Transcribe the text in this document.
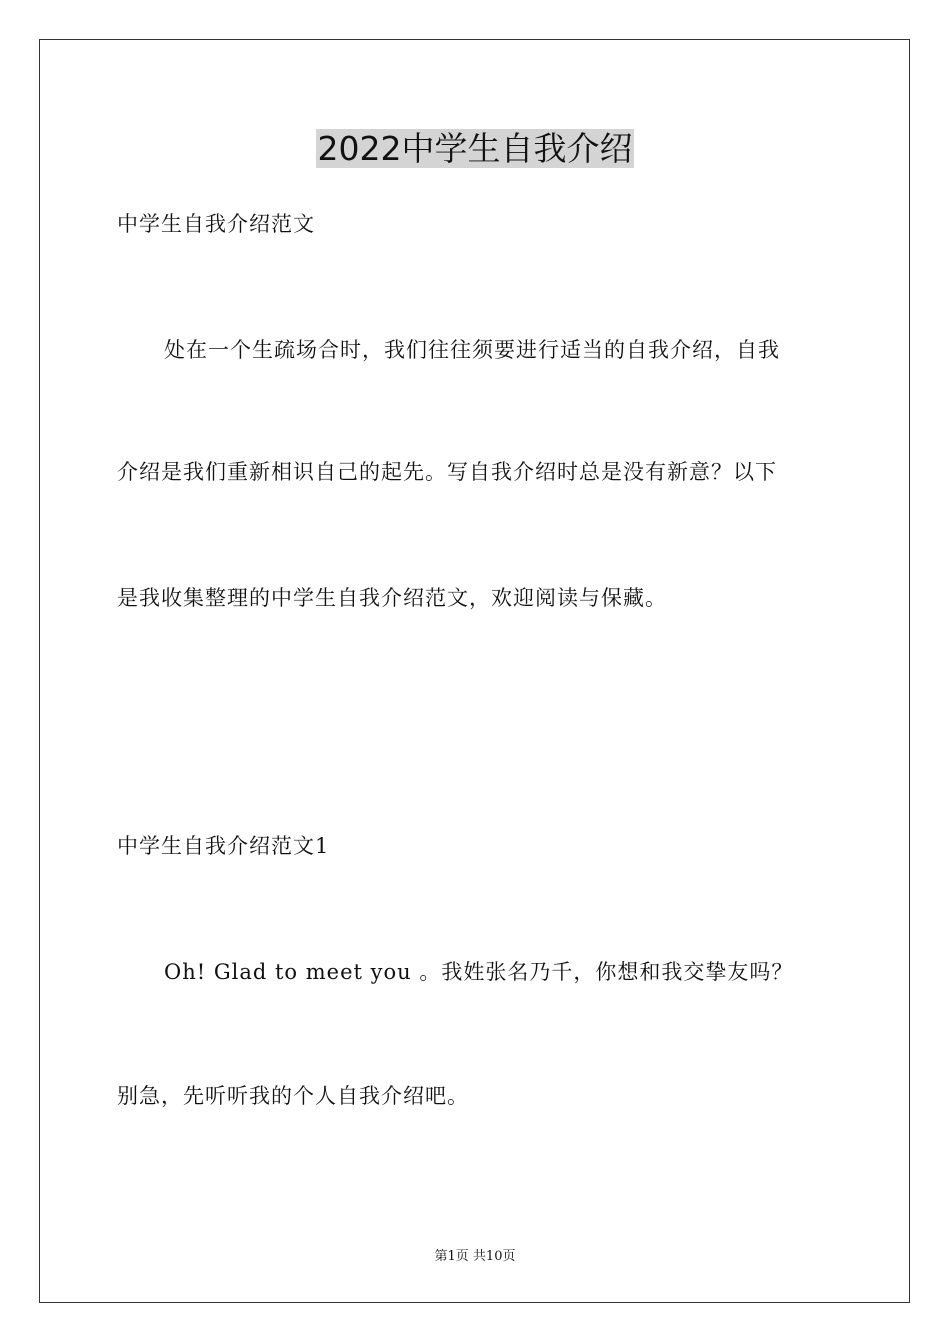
2022中学生自我介绍
中学生自我介绍范文
处在一个生疏场合时，我们往往须要进行适当的自我介绍，自我
介绍是我们重新相识自己的起先。写自我介绍时总是没有新意？以下
是我收集整理的中学生自我介绍范文，欢迎阅读与保藏。
中学生自我介绍范文1
Oh! Glad to meet you 。我姓张名乃千，你想和我交挚友吗？
别急，先听听我的个人自我介绍吧。
第1页 共10页
